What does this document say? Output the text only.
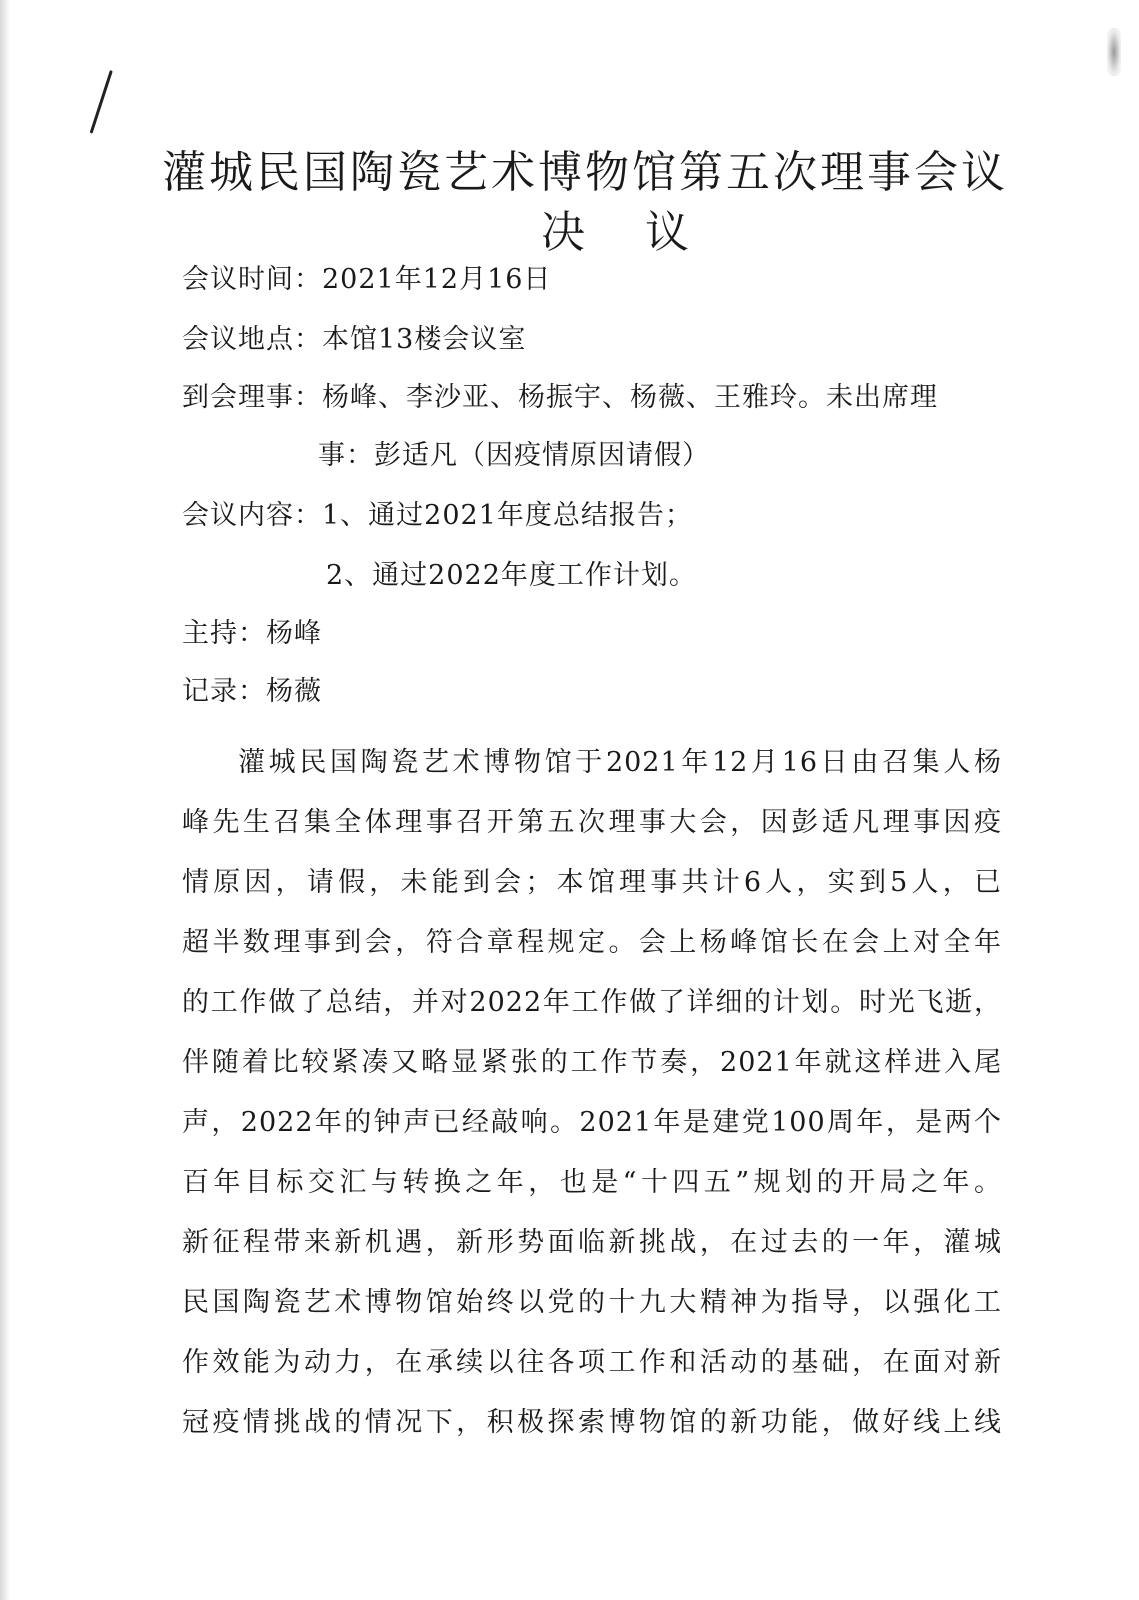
灌城民国陶瓷艺术博物馆第五次理事会议
决议
会议时间：2021年12月16日
会议地点：本馆13楼会议室
到会理事：杨峰、李沙亚、杨振宇、杨薇、王雅玲。未出席理
事：彭适凡（因疫情原因请假）
会议内容：1、通过2021年度总结报告；
2、通过2022年度工作计划。
主持：杨峰
记录：杨薇
灌城民国陶瓷艺术博物馆于2021年12月16日由召集人杨
峰先生召集全体理事召开第五次理事大会，因彭适凡理事因疫
情原因，请假，未能到会；本馆理事共计6人，实到5人，已
超半数理事到会，符合章程规定。会上杨峰馆长在会上对全年
的工作做了总结，并对2022年工作做了详细的计划。时光飞逝，
伴随着比较紧凑又略显紧张的工作节奏，2021年就这样进入尾
声，2022年的钟声已经敲响。2021年是建党100周年，是两个
百年目标交汇与转换之年，也是“十四五”规划的开局之年。
新征程带来新机遇，新形势面临新挑战，在过去的一年，灌城
民国陶瓷艺术博物馆始终以党的十九大精神为指导，以强化工
作效能为动力，在承续以往各项工作和活动的基础，在面对新
冠疫情挑战的情况下，积极探索博物馆的新功能，做好线上线
